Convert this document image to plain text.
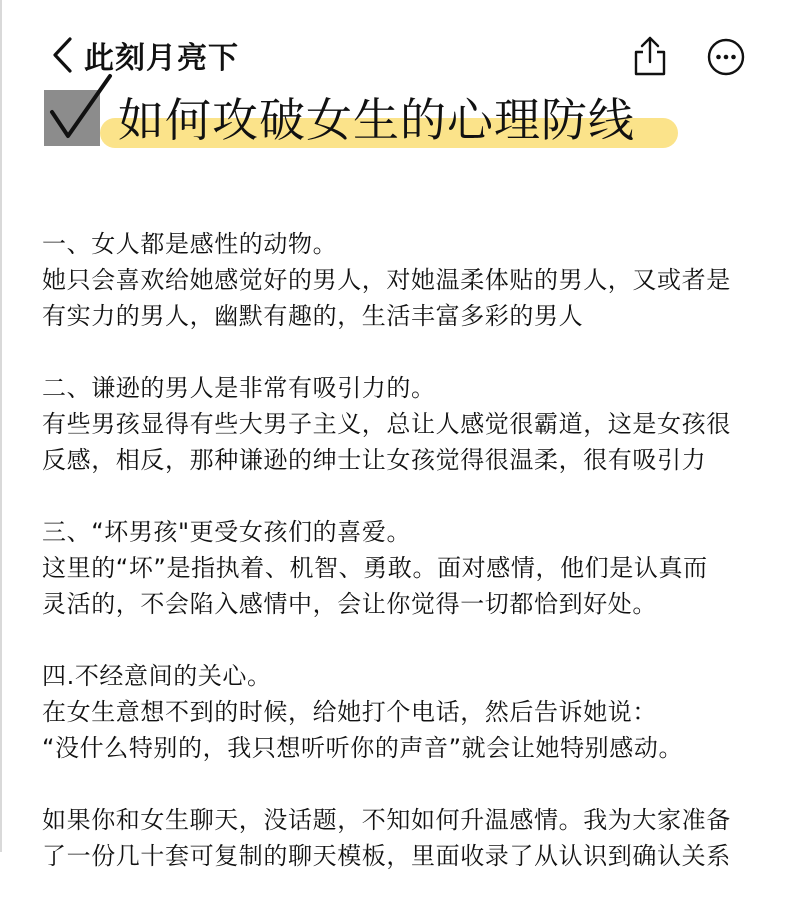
此刻月亮下
如何攻破女生的心理防线
一、女人都是感性的动物。
她只会喜欢给她感觉好的男人，对她温柔体贴的男人，又或者是
有实力的男人，幽默有趣的，生活丰富多彩的男人
二、谦逊的男人是非常有吸引力的。
有些男孩显得有些大男子主义，总让人感觉很霸道，这是女孩很
反感，相反，那种谦逊的绅士让女孩觉得很温柔，很有吸引力
三、“坏男孩"更受女孩们的喜爱。
这里的“坏”是指执着、机智、勇敢。面对感情，他们是认真而
灵活的，不会陷入感情中，会让你觉得一切都恰到好处。
四.不经意间的关心。
在女生意想不到的时候，给她打个电话，然后告诉她说：
“没什么特别的，我只想听听你的声音”就会让她特别感动。
如果你和女生聊天，没话题，不知如何升温感情。我为大家准备
了一份几十套可复制的聊天模板，里面收录了从认识到确认关系
